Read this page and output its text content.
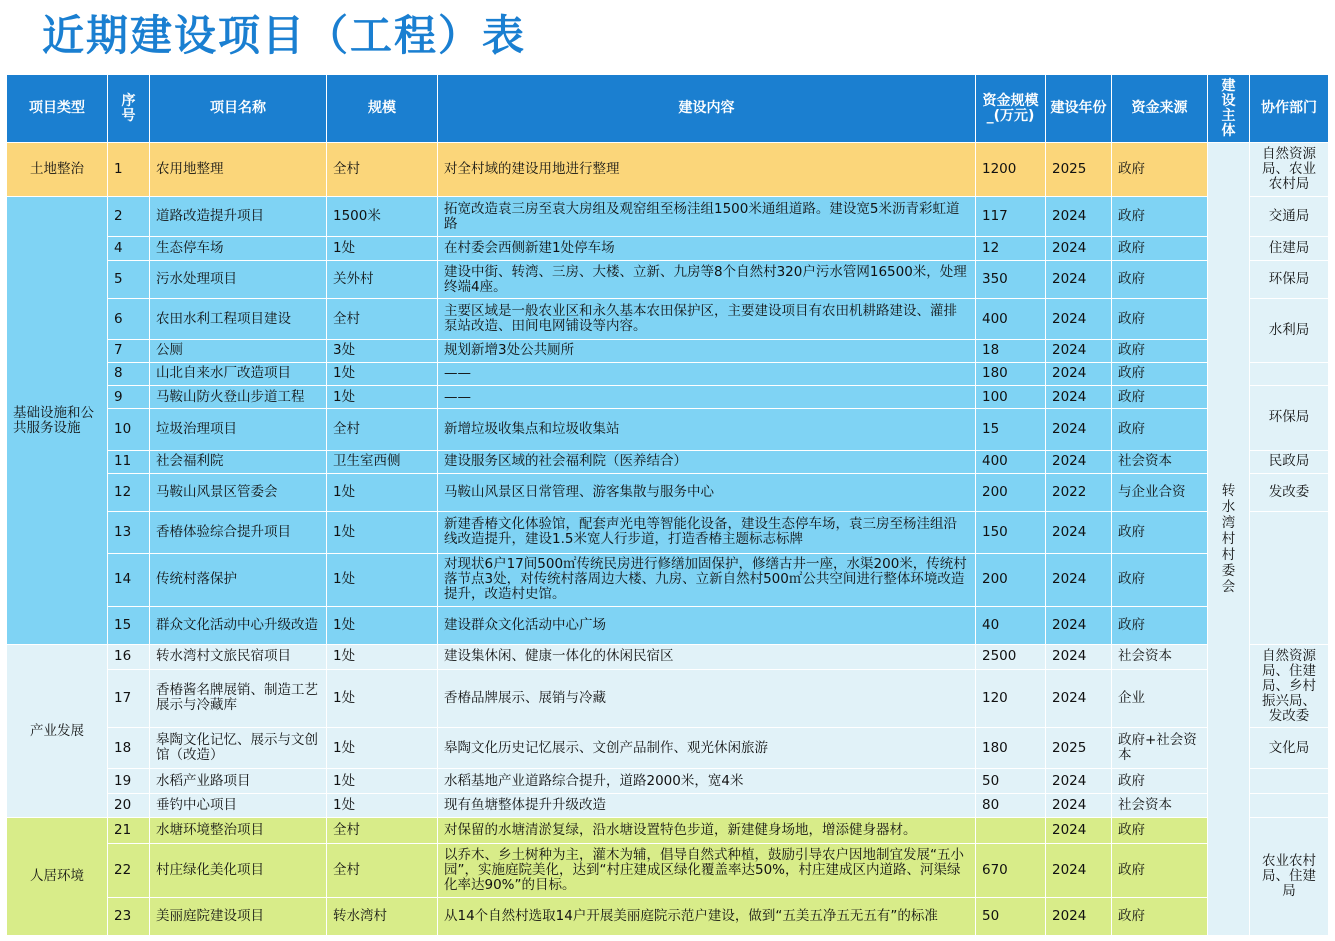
近期建设项目（工程）表
项目类型	序号	项目名称	规模	建设内容	资金规模_(万元)	建设年份	资金来源	建设主体	协作部门
土地整治	1	农用地整理	全村	对全村域的建设用地进行整理	1200	2025	政府	转水湾村村委会	自然资源局、农业农村局
基础设施和公共服务设施	2	道路改造提升项目	1500米	拓宽改造袁三房至袁大房组及观窑组至杨洼组1500米通组道路。建设宽5米沥青彩虹道路	117	2024	政府		交通局
	4	生态停车场	1处	在村委会西侧新建1处停车场	12	2024	政府		住建局
	5	污水处理项目	关外村	建设中街、转湾、三房、大楼、立新、九房等8个自然村320户污水管网16500米，处理终端4座。	350	2024	政府		环保局
	6	农田水利工程项目建设	全村	主要区域是一般农业区和永久基本农田保护区，主要建设项目有农田机耕路建设、灌排泵站改造、田间电网铺设等内容。	400	2024	政府		水利局
	7	公厕	3处	规划新增3处公共厕所	18	2024	政府		
	8	山北自来水厂改造项目	1处	——	180	2024	政府		
	9	马鞍山防火登山步道工程	1处	——	100	2024	政府		环保局
	10	垃圾治理项目	全村	新增垃圾收集点和垃圾收集站	15	2024	政府		
	11	社会福利院	卫生室西侧	建设服务区域的社会福利院（医养结合）	400	2024	社会资本		民政局
	12	马鞍山风景区管委会	1处	马鞍山风景区日常管理、游客集散与服务中心	200	2022	与企业合资		发改委
	13	香椿体验综合提升项目	1处	新建香椿文化体验馆，配套声光电等智能化设备，建设生态停车场，袁三房至杨洼组沿线改造提升，建设1.5米宽人行步道，打造香椿主题标志标牌	150	2024	政府		
	14	传统村落保护	1处	对现状6户17间500㎡传统民房进行修缮加固保护，修缮古井一座，水渠200米，传统村落节点3处，对传统村落周边大楼、九房、立新自然村500㎡公共空间进行整体环境改造提升，改造村史馆。	200	2024	政府		
	15	群众文化活动中心升级改造	1处	建设群众文化活动中心广场	40	2024	政府		
产业发展	16	转水湾村文旅民宿项目	1处	建设集休闲、健康一体化的休闲民宿区	2500	2024	社会资本		自然资源局、住建局、乡村振兴局、发改委
	17	香椿酱名牌展销、制造工艺展示与冷藏库	1处	香椿品牌展示、展销与冷藏	120	2024	企业		
	18	皋陶文化记忆、展示与文创馆（改造）	1处	皋陶文化历史记忆展示、文创产品制作、观光休闲旅游	180	2025	政府+社会资本		文化局
	19	水稻产业路项目	1处	水稻基地产业道路综合提升，道路2000米，宽4米	50	2024	政府		
	20	垂钓中心项目	1处	现有鱼塘整体提升升级改造	80	2024	社会资本		
人居环境	21	水塘环境整治项目	全村	对保留的水塘清淤复绿，沿水塘设置特色步道，新建健身场地，增添健身器材。		2024	政府		农业农村局、住建局
	22	村庄绿化美化项目	全村	以乔木、乡土树种为主，灌木为辅，倡导自然式种植，鼓励引导农户因地制宜发展“五小园”，实施庭院美化，达到“村庄建成区绿化覆盖率达50%，村庄建成区内道路、河渠绿化率达90%”的目标。	670	2024	政府		
	23	美丽庭院建设项目	转水湾村	从14个自然村选取14户开展美丽庭院示范户建设，做到“五美五净五无五有”的标准	50	2024	政府		
